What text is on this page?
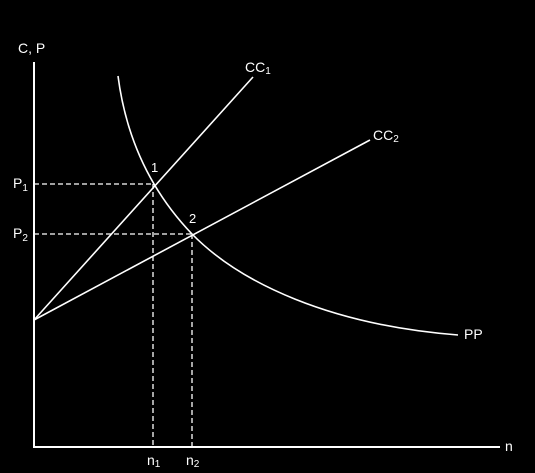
C, P
n
CC1
CC2
PP
1
2
$P_1$
$P_2$
n1 n2
